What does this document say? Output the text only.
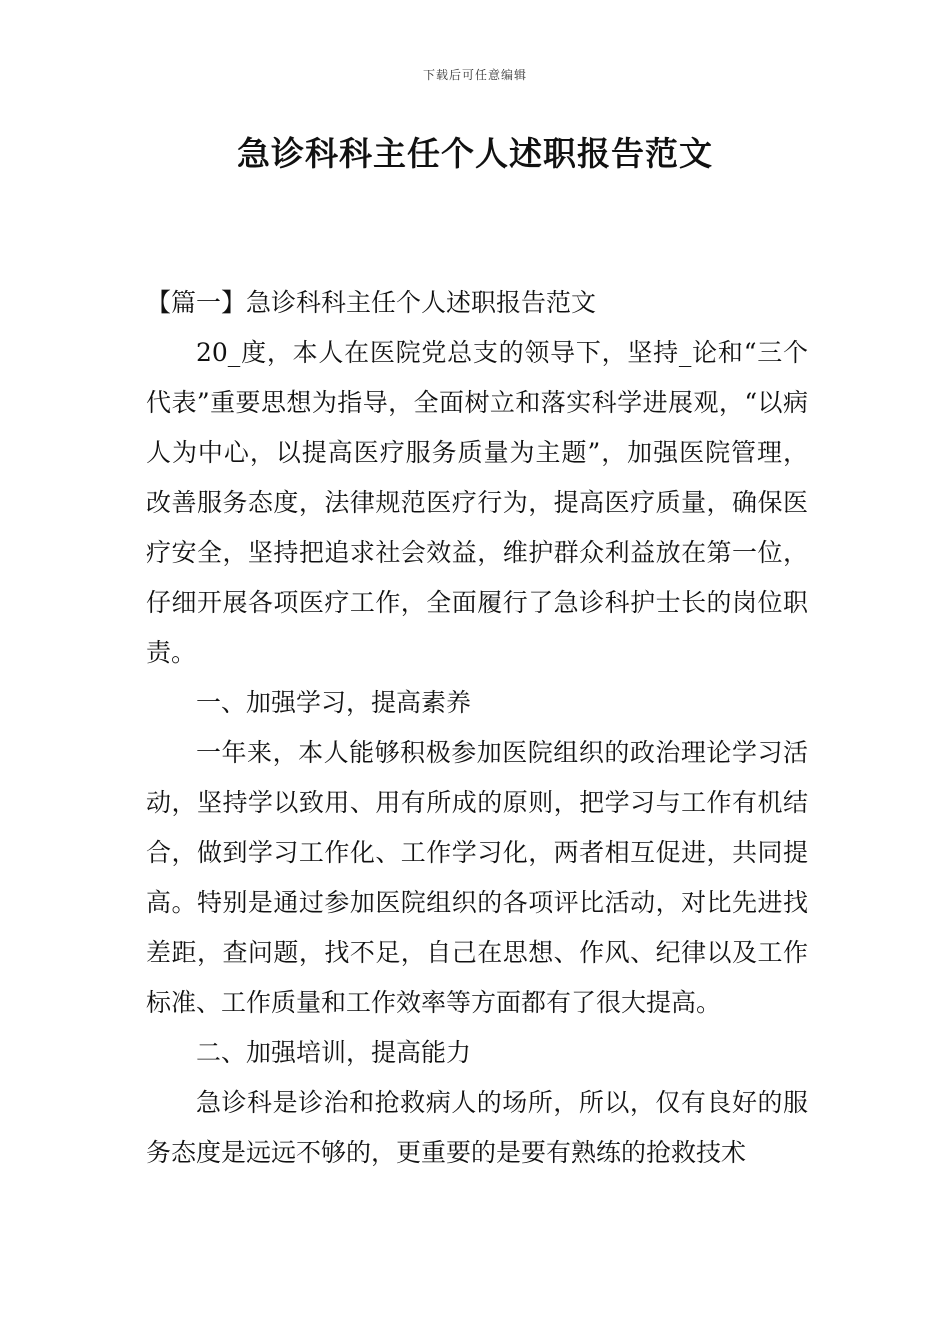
下载后可任意编辑
急诊科科主任个人述职报告范文

【篇一】急诊科科主任个人述职报告范文

20_度，本人在医院党总支的领导下，坚持_论和“三个代表”重要思想为指导，全面树立和落实科学进展观，“以病人为中心，以提高医疗服务质量为主题”，加强医院管理，改善服务态度，法律规范医疗行为，提高医疗质量，确保医疗安全，坚持把追求社会效益，维护群众利益放在第一位，仔细开展各项医疗工作，全面履行了急诊科护士长的岗位职责。

一、加强学习，提高素养

一年来，本人能够积极参加医院组织的政治理论学习活动，坚持学以致用、用有所成的原则，把学习与工作有机结合，做到学习工作化、工作学习化，两者相互促进，共同提高。特别是通过参加医院组织的各项评比活动，对比先进找差距，查问题，找不足，自己在思想、作风、纪律以及工作标准、工作质量和工作效率等方面都有了很大提高。

二、加强培训，提高能力

急诊科是诊治和抢救病人的场所，所以，仅有良好的服务态度是远远不够的，更重要的是要有熟练的抢救技术
